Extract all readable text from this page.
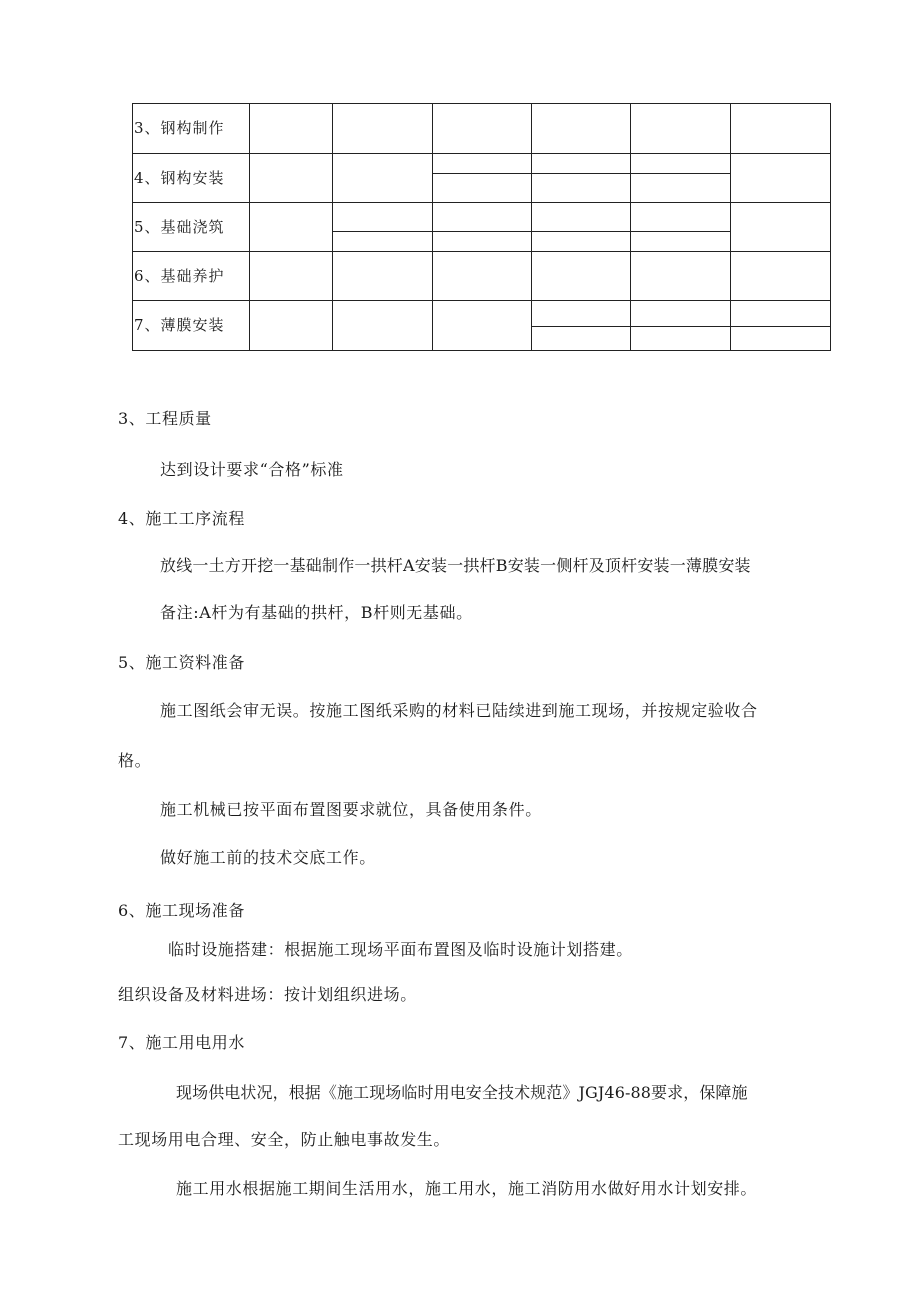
3、钢构制作
4、钢构安装
5、基础浇筑
6、基础养护
7、薄膜安装
3、工程质量
达到设计要求“合格”标准
4、施工工序流程
放线一土方开挖一基础制作一拱杆A安装一拱杆B安装一侧杆及顶杆安装一薄膜安装
备注:A杆为有基础的拱杆，B杆则无基础。
5、施工资料准备
施工图纸会审无误。按施工图纸采购的材料已陆续进到施工现场，并按规定验收合
格。
施工机械已按平面布置图要求就位，具备使用条件。
做好施工前的技术交底工作。
6、施工现场准备
临时设施搭建：根据施工现场平面布置图及临时设施计划搭建。
组织设备及材料进场：按计划组织进场。
7、施工用电用水
现场供电状况，根据《施工现场临时用电安全技术规范》JGJ46-88要求，保障施
工现场用电合理、安全，防止触电事故发生。
施工用水根据施工期间生活用水，施工用水，施工消防用水做好用水计划安排。
